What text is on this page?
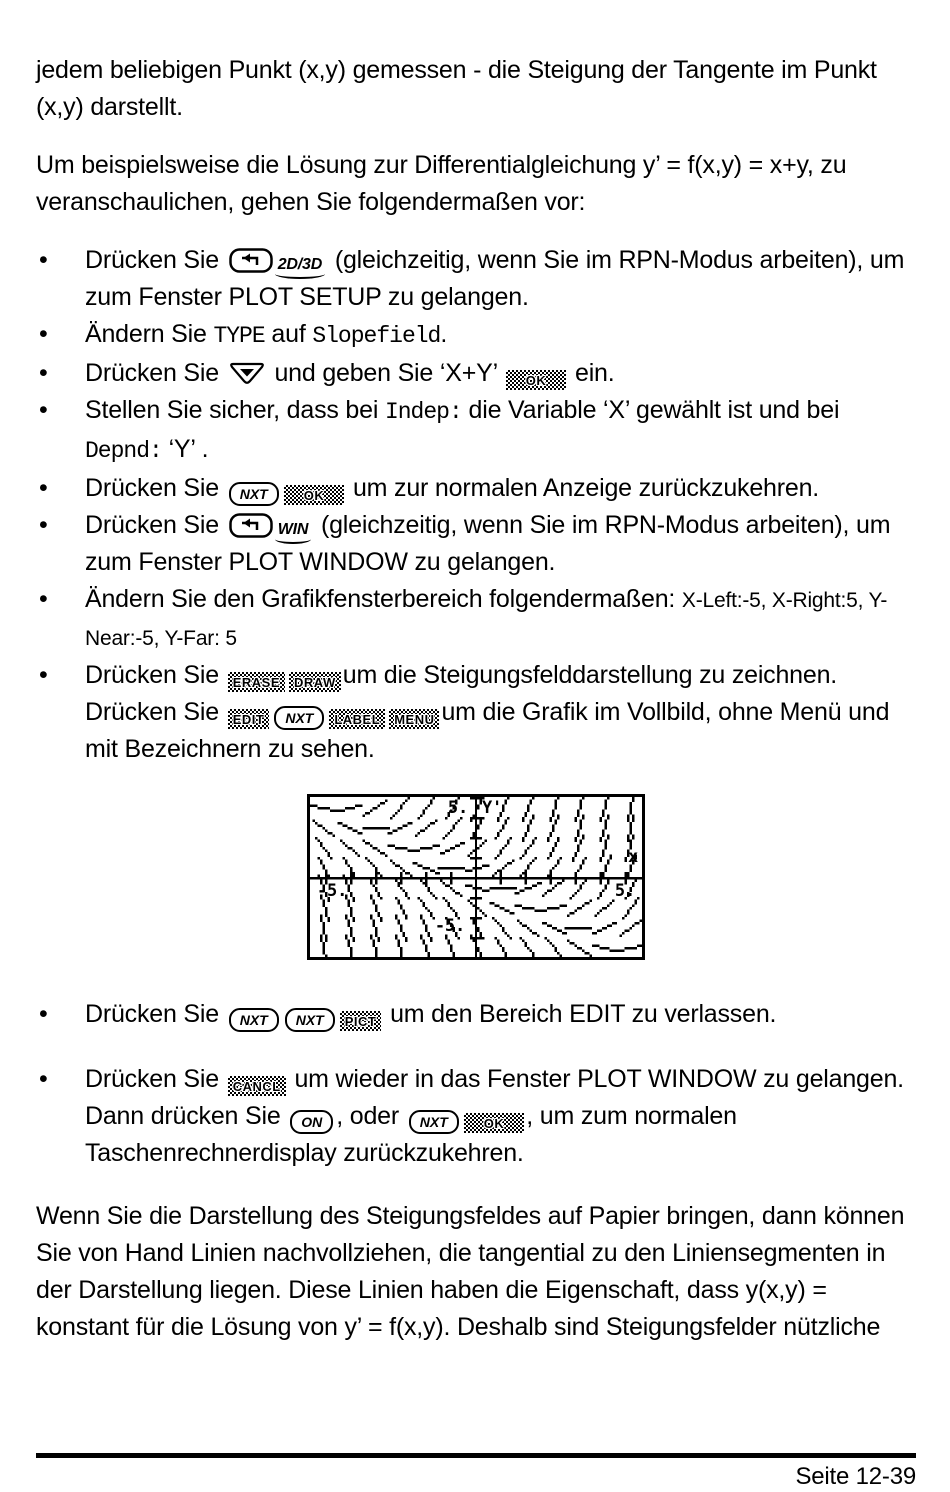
jedem beliebigen Punkt (x,y) gemessen - die Steigung der Tangente im Punkt (x,y) darstellt.

Um beispielsweise die Lösung zur Differentialgleichung y’ = f(x,y) = x+y, zu veranschaulichen, gehen Sie folgendermaßen vor:

• Drücken Sie	2D/3D (gleichzeitig, wenn Sie im RPN-Modus arbeiten), um zum Fenster PLOT SETUP zu gelangen.
• Ändern Sie TYPE auf Slopefield.
• Drücken Sie  und geben Sie ‘X+Y’ OK ein.
• Stellen Sie sicher, dass bei Indep: die Variable ‘X’ gewählt ist und bei Depnd: ‘Y’ .
• Drücken Sie NXT	OK um zur normalen Anzeige zurückzukehren.
• Drücken Sie	WIN (gleichzeitig, wenn Sie im RPN-Modus arbeiten), um zum Fenster PLOT WINDOW zu gelangen.
• Ändern Sie den Grafikfensterbereich folgendermaßen: X-Left:-5, X-Right:5, Y-Near:-5, Y-Far: 5
• Drücken Sie ERASE DRAW um die Steigungsfelddarstellung zu zeichnen. Drücken Sie EDIT NXT LABEL MENU um die Grafik im Vollbild, ohne Menü und mit Bezeichnern zu sehen.
5. Y'
x
-5.	5.
-5.
• Drücken Sie NXT NXT PICT um den Bereich EDIT zu verlassen.
• Drücken Sie CANCL um wieder in das Fenster PLOT WINDOW zu gelangen. Dann drücken Sie ON , oder NXT	OK , um zum normalen Taschenrechnerdisplay zurückzukehren.

Wenn Sie die Darstellung des Steigungsfeldes auf Papier bringen, dann können Sie von Hand Linien nachvollziehen, die tangential zu den Liniensegmenten in der Darstellung liegen. Diese Linien haben die Eigenschaft, dass y(x,y) = konstant für die Lösung von y’ = f(x,y). Deshalb sind Steigungsfelder nützliche

Seite 12-39
